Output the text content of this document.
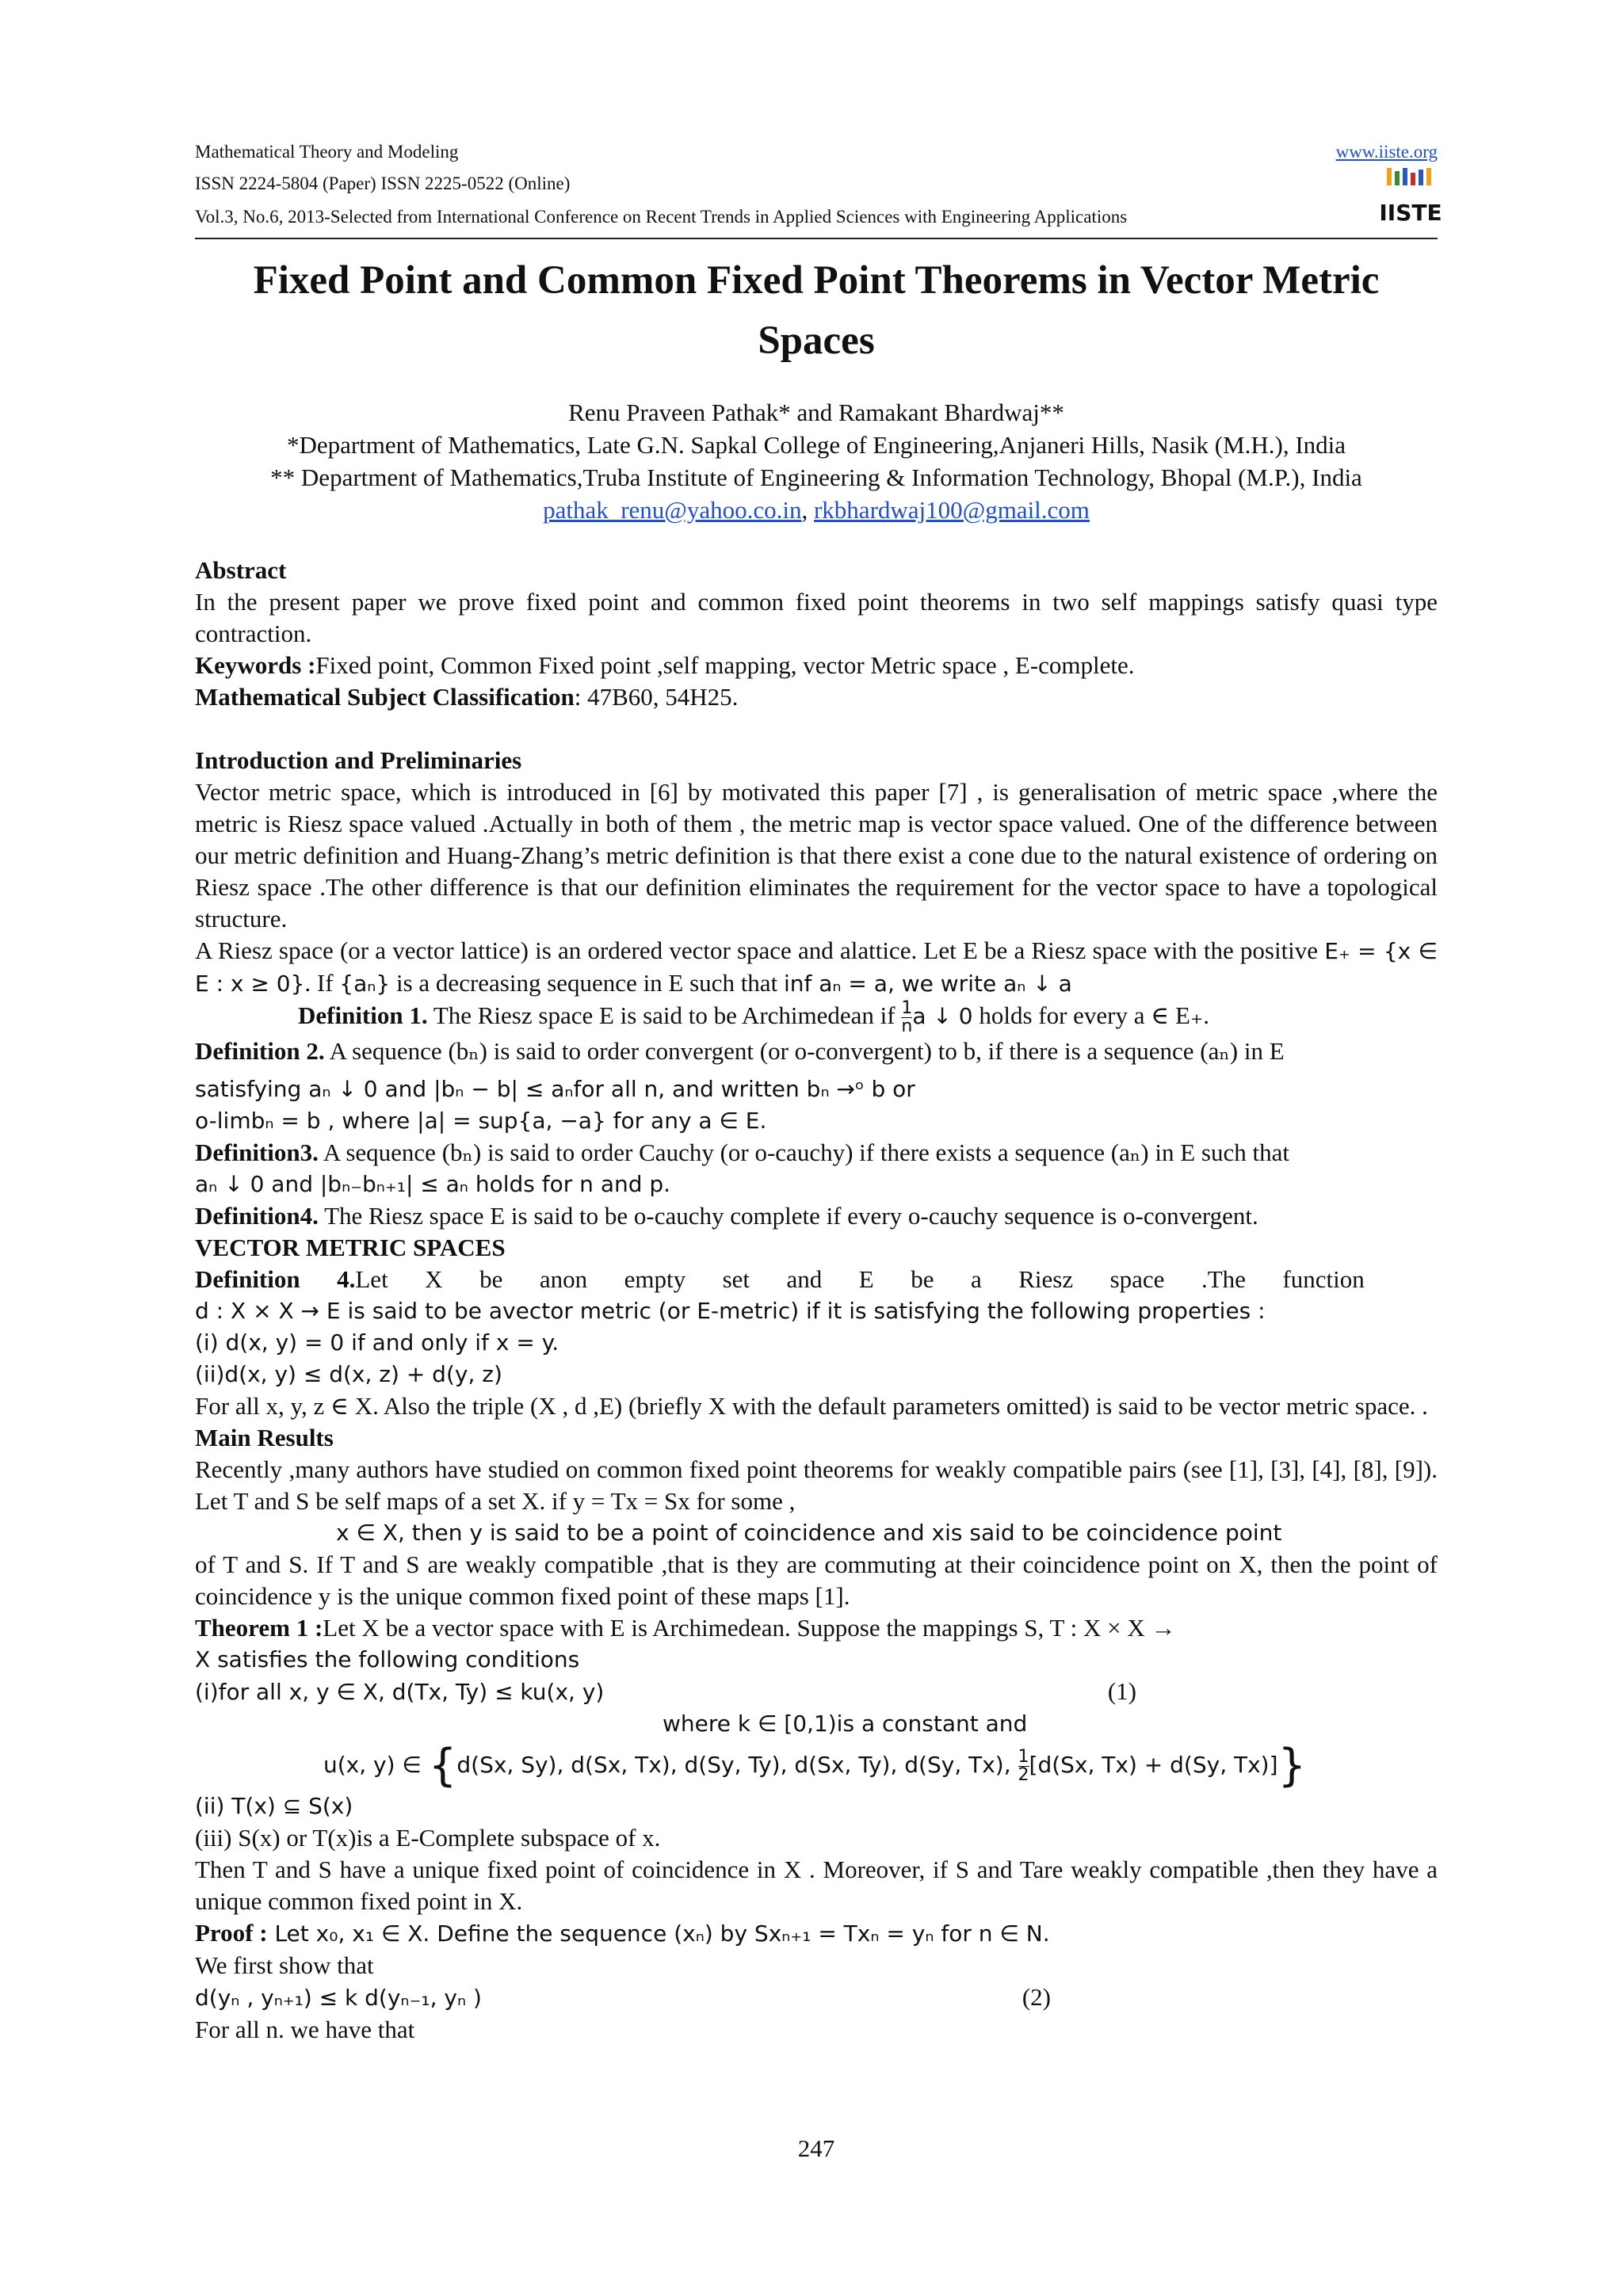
Mathematical Theory and Modeling	www.iiste.org
ISSN 2224-5804 (Paper) ISSN 2225-0522 (Online)
Vol.3, No.6, 2013-Selected from International Conference on Recent Trends in Applied Sciences with Engineering Applications	IISTE
Fixed Point and Common Fixed Point Theorems in Vector Metric Spaces
Renu Praveen Pathak* and Ramakant Bhardwaj**
*Department of Mathematics, Late G.N. Sapkal College of Engineering,Anjaneri Hills, Nasik (M.H.), India
** Department of Mathematics,Truba Institute of Engineering & Information Technology, Bhopal (M.P.), India
pathak_renu@yahoo.co.in, rkbhardwaj100@gmail.com

Abstract

In the present paper we prove fixed point and common fixed point theorems in two self mappings satisfy quasi type contraction.

Keywords :Fixed point, Common Fixed point ,self mapping, vector Metric space , E-complete.

Mathematical Subject Classification: 47B60, 54H25.

Introduction and Preliminaries

Vector metric space, which is introduced in [6] by motivated this paper [7] , is generalisation of metric space ,where the metric is Riesz space valued .Actually in both of them , the metric map is vector space valued. One of the difference between our metric definition and Huang-Zhang’s metric definition is that there exist a cone due to the natural existence of ordering on Riesz space .The other difference is that our definition eliminates the requirement for the vector space to have a topological structure.

A Riesz space (or a vector lattice) is an ordered vector space and alattice. Let E be a Riesz space with the positive E₊ = {x ∈ E : x ≥ 0}. If {aₙ} is a decreasing sequence in E such that inf aₙ = a, we write aₙ ↓ a

Definition 1. The Riesz space E is said to be Archimedean if $\frac{1}{n}$ a ↓ 0 holds for every a ∈ E₊.

Definition 2. A sequence (bₙ) is said to order convergent (or o-convergent) to b, if there is a sequence (aₙ) in E

satisfying aₙ ↓ 0 and |bₙ − b| ≤ aₙfor all n, and written bₙ →ᵒ b or

o-limbₙ = b , where |a| = sup{a, −a} for any a ∈ E.

Definition3. A sequence (bₙ) is said to order Cauchy (or o-cauchy) if there exists a sequence (aₙ) in E such that

aₙ ↓ 0 and |bₙ₋bₙ₊₁| ≤ aₙ holds for n and p.

Definition4. The Riesz space E is said to be o-cauchy complete if every o-cauchy sequence is o-convergent.

VECTOR METRIC SPACES

Definition      4.Let      X      be      anon      empty      set      and      E      be      a      Riesz      space      .The      function

d : X × X → E is said to be avector metric (or E-metric) if it is satisfying the following properties :

(i) d(x, y) = 0 if and only if x = y.

(ii)d(x, y) ≤ d(x, z) + d(y, z)

For all x, y, z ∈ X. Also the triple (X , d ,E) (briefly X with the default parameters omitted) is said to be vector metric space. .

Main Results

Recently ,many authors have studied on common fixed point theorems for weakly compatible pairs (see [1], [3], [4], [8], [9]). Let T and S be self maps of a set X. if y = Tx = Sx for some ,

x ∈ X, then y is said to be a point of coincidence and xis said to be coincidence point

of T and S. If T and S are weakly compatible ,that is they are commuting at their coincidence point on X, then the point of coincidence y is the unique common fixed point of these maps [1].

Theorem 1 :Let X be a vector space with E is Archimedean. Suppose the mappings S, T : X × X →

X satisfies the following conditions

(i)for all x, y ∈ X, d(Tx, Ty) ≤ ku(x, y)	(1)

where k ∈ [0,1)is a constant and

u(x, y) ∈ {d(Sx, Sy), d(Sx, Tx), d(Sy, Ty), d(Sx, Ty), d(Sy, Tx), $\frac{1}{2} [d(Sx$, Tx) + d(Sy, Tx)]}

(ii) T(x) ⊆ S(x)

(iii) S(x) or T(x)is a E-Complete subspace of x.

Then T and S have a unique fixed point of coincidence in X . Moreover, if S and Tare weakly compatible ,then they have a unique common fixed point in X.

Proof : Let x₀, x₁ ∈ X. Define the sequence (xₙ) by Sxₙ₊₁ = Txₙ = yₙ for n ∈ N.

We first show that

d(yₙ , yₙ₊₁) ≤ k d(yₙ₋₁, yₙ )	(2)

For all n. we have that

247
